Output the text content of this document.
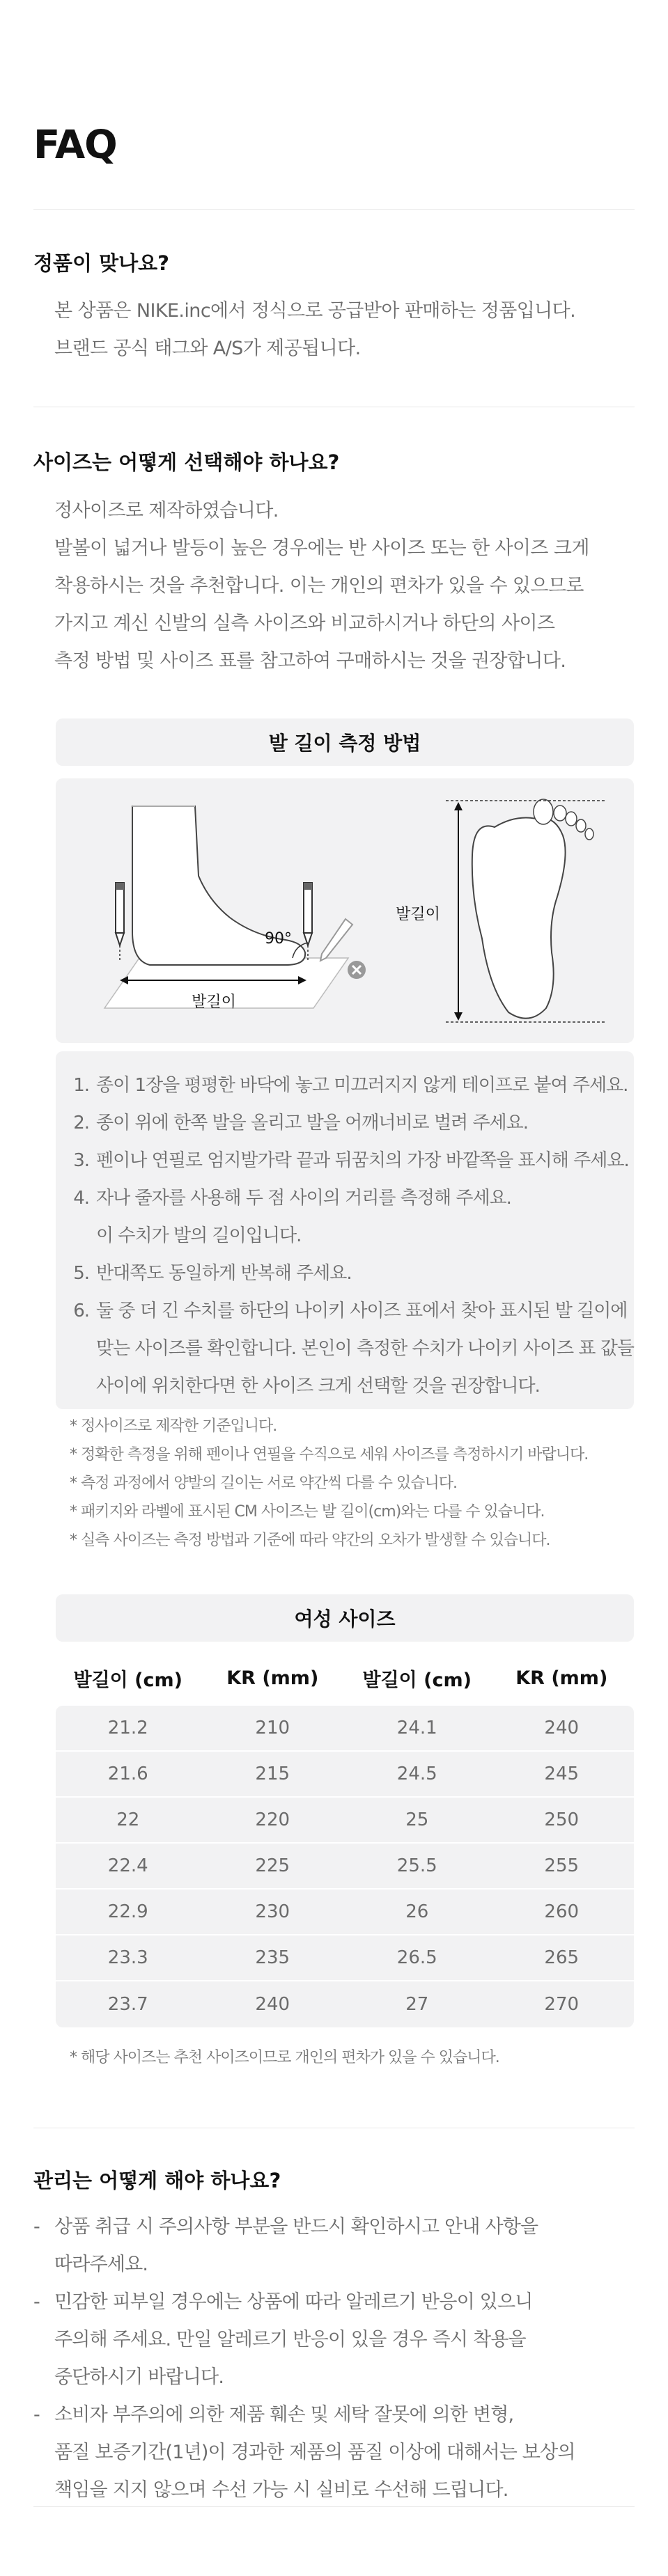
FAQ
정품이 맞나요?
본 상품은 NIKE.inc에서 정식으로 공급받아 판매하는 정품입니다.
브랜드 공식 태그와 A/S가 제공됩니다.
사이즈는 어떻게 선택해야 하나요?
정사이즈로 제작하였습니다.
발볼이 넓거나 발등이 높은 경우에는 반 사이즈 또는 한 사이즈 크게
착용하시는 것을 추천합니다. 이는 개인의 편차가 있을 수 있으므로
가지고 계신 신발의 실측 사이즈와 비교하시거나 하단의 사이즈
측정 방법 및 사이즈 표를 참고하여 구매하시는 것을 권장합니다.
발 길이 측정 방법
90°
발길이
발길이
1. 종이 1장을 평평한 바닥에 놓고 미끄러지지 않게 테이프로 붙여 주세요.
2. 종이 위에 한쪽 발을 올리고 발을 어깨너비로 벌려 주세요.
3. 펜이나 연필로 엄지발가락 끝과 뒤꿈치의 가장 바깥쪽을 표시해 주세요.
4. 자나 줄자를 사용해 두 점 사이의 거리를 측정해 주세요.
이 수치가 발의 길이입니다.
5. 반대쪽도 동일하게 반복해 주세요.
6. 둘 중 더 긴 수치를 하단의 나이키 사이즈 표에서 찾아 표시된 발 길이에
맞는 사이즈를 확인합니다. 본인이 측정한 수치가 나이키 사이즈 표 값들
사이에 위치한다면 한 사이즈 크게 선택할 것을 권장합니다.
* 정사이즈로 제작한 기준입니다.
* 정확한 측정을 위해 펜이나 연필을 수직으로 세워 사이즈를 측정하시기 바랍니다.
* 측정 과정에서 양발의 길이는 서로 약간씩 다를 수 있습니다.
* 패키지와 라벨에 표시된 CM 사이즈는 발 길이(cm)와는 다를 수 있습니다.
* 실측 사이즈는 측정 방법과 기준에 따라 약간의 오차가 발생할 수 있습니다.
여성 사이즈
발길이 (cm)	KR (mm)	발길이 (cm)	KR (mm)
21.2	210	24.1	240
21.6	215	24.5	245
22	220	25	250
22.4	225	25.5	255
22.9	230	26	260
23.3	235	26.5	265
23.7	240	27	270
* 해당 사이즈는 추천 사이즈이므로 개인의 편차가 있을 수 있습니다.
관리는 어떻게 해야 하나요?
- 상품 취급 시 주의사항 부분을 반드시 확인하시고 안내 사항을
따라주세요.
- 민감한 피부일 경우에는 상품에 따라 알레르기 반응이 있으니
주의해 주세요. 만일 알레르기 반응이 있을 경우 즉시 착용을
중단하시기 바랍니다.
- 소비자 부주의에 의한 제품 훼손 및 세탁 잘못에 의한 변형,
품질 보증기간(1년)이 경과한 제품의 품질 이상에 대해서는 보상의
책임을 지지 않으며 수선 가능 시 실비로 수선해 드립니다.
